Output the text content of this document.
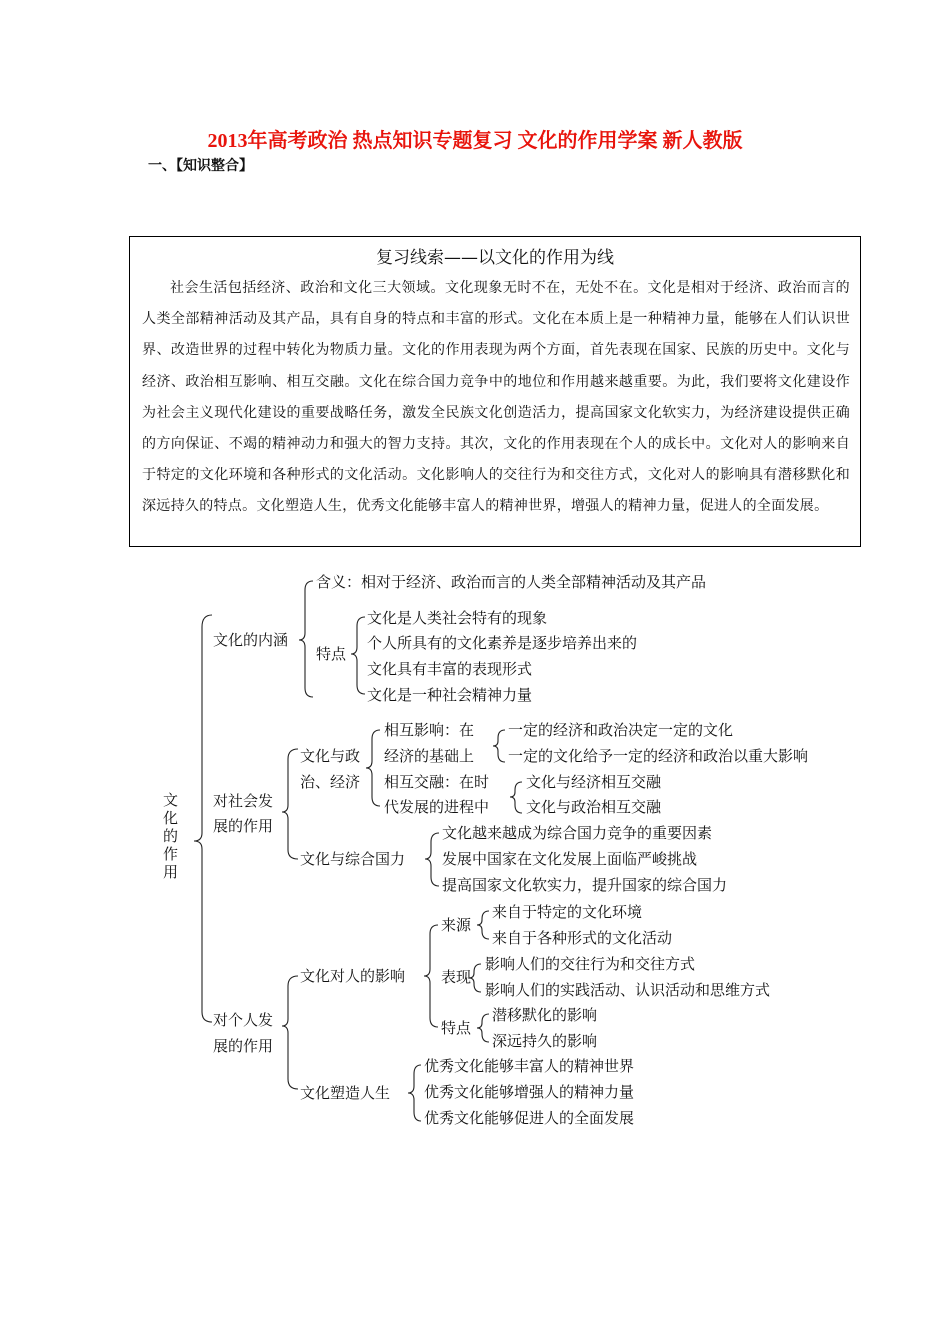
2013年高考政治 热点知识专题复习 文化的作用学案 新人教版
一、【知识整合】
复习线索——以文化的作用为线
社会生活包括经济、政治和文化三大领域。文化现象无时不在，无处不在。文化是相对于经济、政治而言的人类全部精神活动及其产品，具有自身的特点和丰富的形式。文化在本质上是一种精神力量，能够在人们认识世界、改造世界的过程中转化为物质力量。文化的作用表现为两个方面，首先表现在国家、民族的历史中。文化与经济、政治相互影响、相互交融。文化在综合国力竞争中的地位和作用越来越重要。为此，我们要将文化建设作为社会主义现代化建设的重要战略任务，激发全民族文化创造活力，提高国家文化软实力，为经济建设提供正确的方向保证、不竭的精神动力和强大的智力支持。其次，文化的作用表现在个人的成长中。文化对人的影响来自于特定的文化环境和各种形式的文化活动。文化影响人的交往行为和交往方式，文化对人的影响具有潜移默化和深远持久的特点。文化塑造人生，优秀文化能够丰富人的精神世界，增强人的精神力量，促进人的全面发展。
文
化
的
作
用
文化的内涵
含义：相对于经济、政治而言的人类全部精神活动及其产品
特点
文化是人类社会特有的现象
个人所具有的文化素养是逐步培养出来的
文化具有丰富的表现形式
文化是一种社会精神力量
对社会发
展的作用
文化与政
治、经济
相互影响：在
经济的基础上
一定的经济和政治决定一定的文化
一定的文化给予一定的经济和政治以重大影响
相互交融：在时
代发展的进程中
文化与经济相互交融
文化与政治相互交融
文化与综合国力
文化越来越成为综合国力竞争的重要因素
发展中国家在文化发展上面临严峻挑战
提高国家文化软实力，提升国家的综合国力
对个人发
展的作用
文化对人的影响
来源
来自于特定的文化环境
来自于各种形式的文化活动
表现
影响人们的交往行为和交往方式
影响人们的实践活动、认识活动和思维方式
特点
潜移默化的影响
深远持久的影响
文化塑造人生
优秀文化能够丰富人的精神世界
优秀文化能够增强人的精神力量
优秀文化能够促进人的全面发展
